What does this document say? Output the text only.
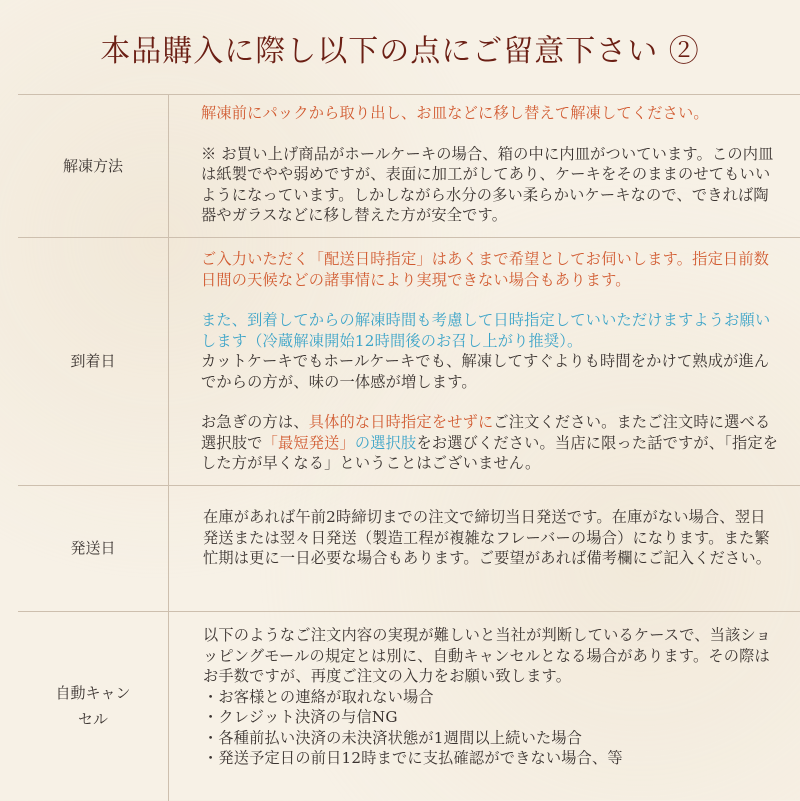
本品購入に際し以下の点にご留意下さい ②
解凍方法

解凍前にパックから取り出し、お皿などに移し替えて解凍してください。

※ お買い上げ商品がホールケーキの場合、箱の中に内皿がついています。この内皿は紙製でやや弱めですが、表面に加工がしてあり、ケーキをそのままのせてもいいようになっています。しかしながら水分の多い柔らかいケーキなので、できれば陶器やガラスなどに移し替えた方が安全です。

到着日

ご入力いただく「配送日時指定」はあくまで希望としてお伺いします。指定日前数日間の天候などの諸事情により実現できない場合もあります。

また、到着してからの解凍時間も考慮して日時指定していいただけますようお願いします（冷蔵解凍開始12時間後のお召し上がり推奨）。

カットケーキでもホールケーキでも、解凍してすぐよりも時間をかけて熟成が進んでからの方が、味の一体感が増します。

お急ぎの方は、具体的な日時指定をせずにご注文ください。またご注文時に選べる選択肢で「最短発送」の選択肢をお選びください。当店に限った話ですが、「指定をした方が早くなる」ということはございません。

発送日

在庫があれば午前2時締切までの注文で締切当日発送です。在庫がない場合、翌日発送または翌々日発送（製造工程が複雑なフレーバーの場合）になります。また繁忙期は更に一日必要な場合もあります。ご要望があれば備考欄にご記入ください。

自動キャンセル

以下のようなご注文内容の実現が難しいと当社が判断しているケースで、当該ショッピングモールの規定とは別に、自動キャンセルとなる場合があります。その際はお手数ですが、再度ご注文の入力をお願い致します。

・お客様との連絡が取れない場合

・クレジット決済の与信NG

・各種前払い決済の未決済状態が1週間以上続いた場合

・発送予定日の前日12時までに支払確認ができない場合、等
